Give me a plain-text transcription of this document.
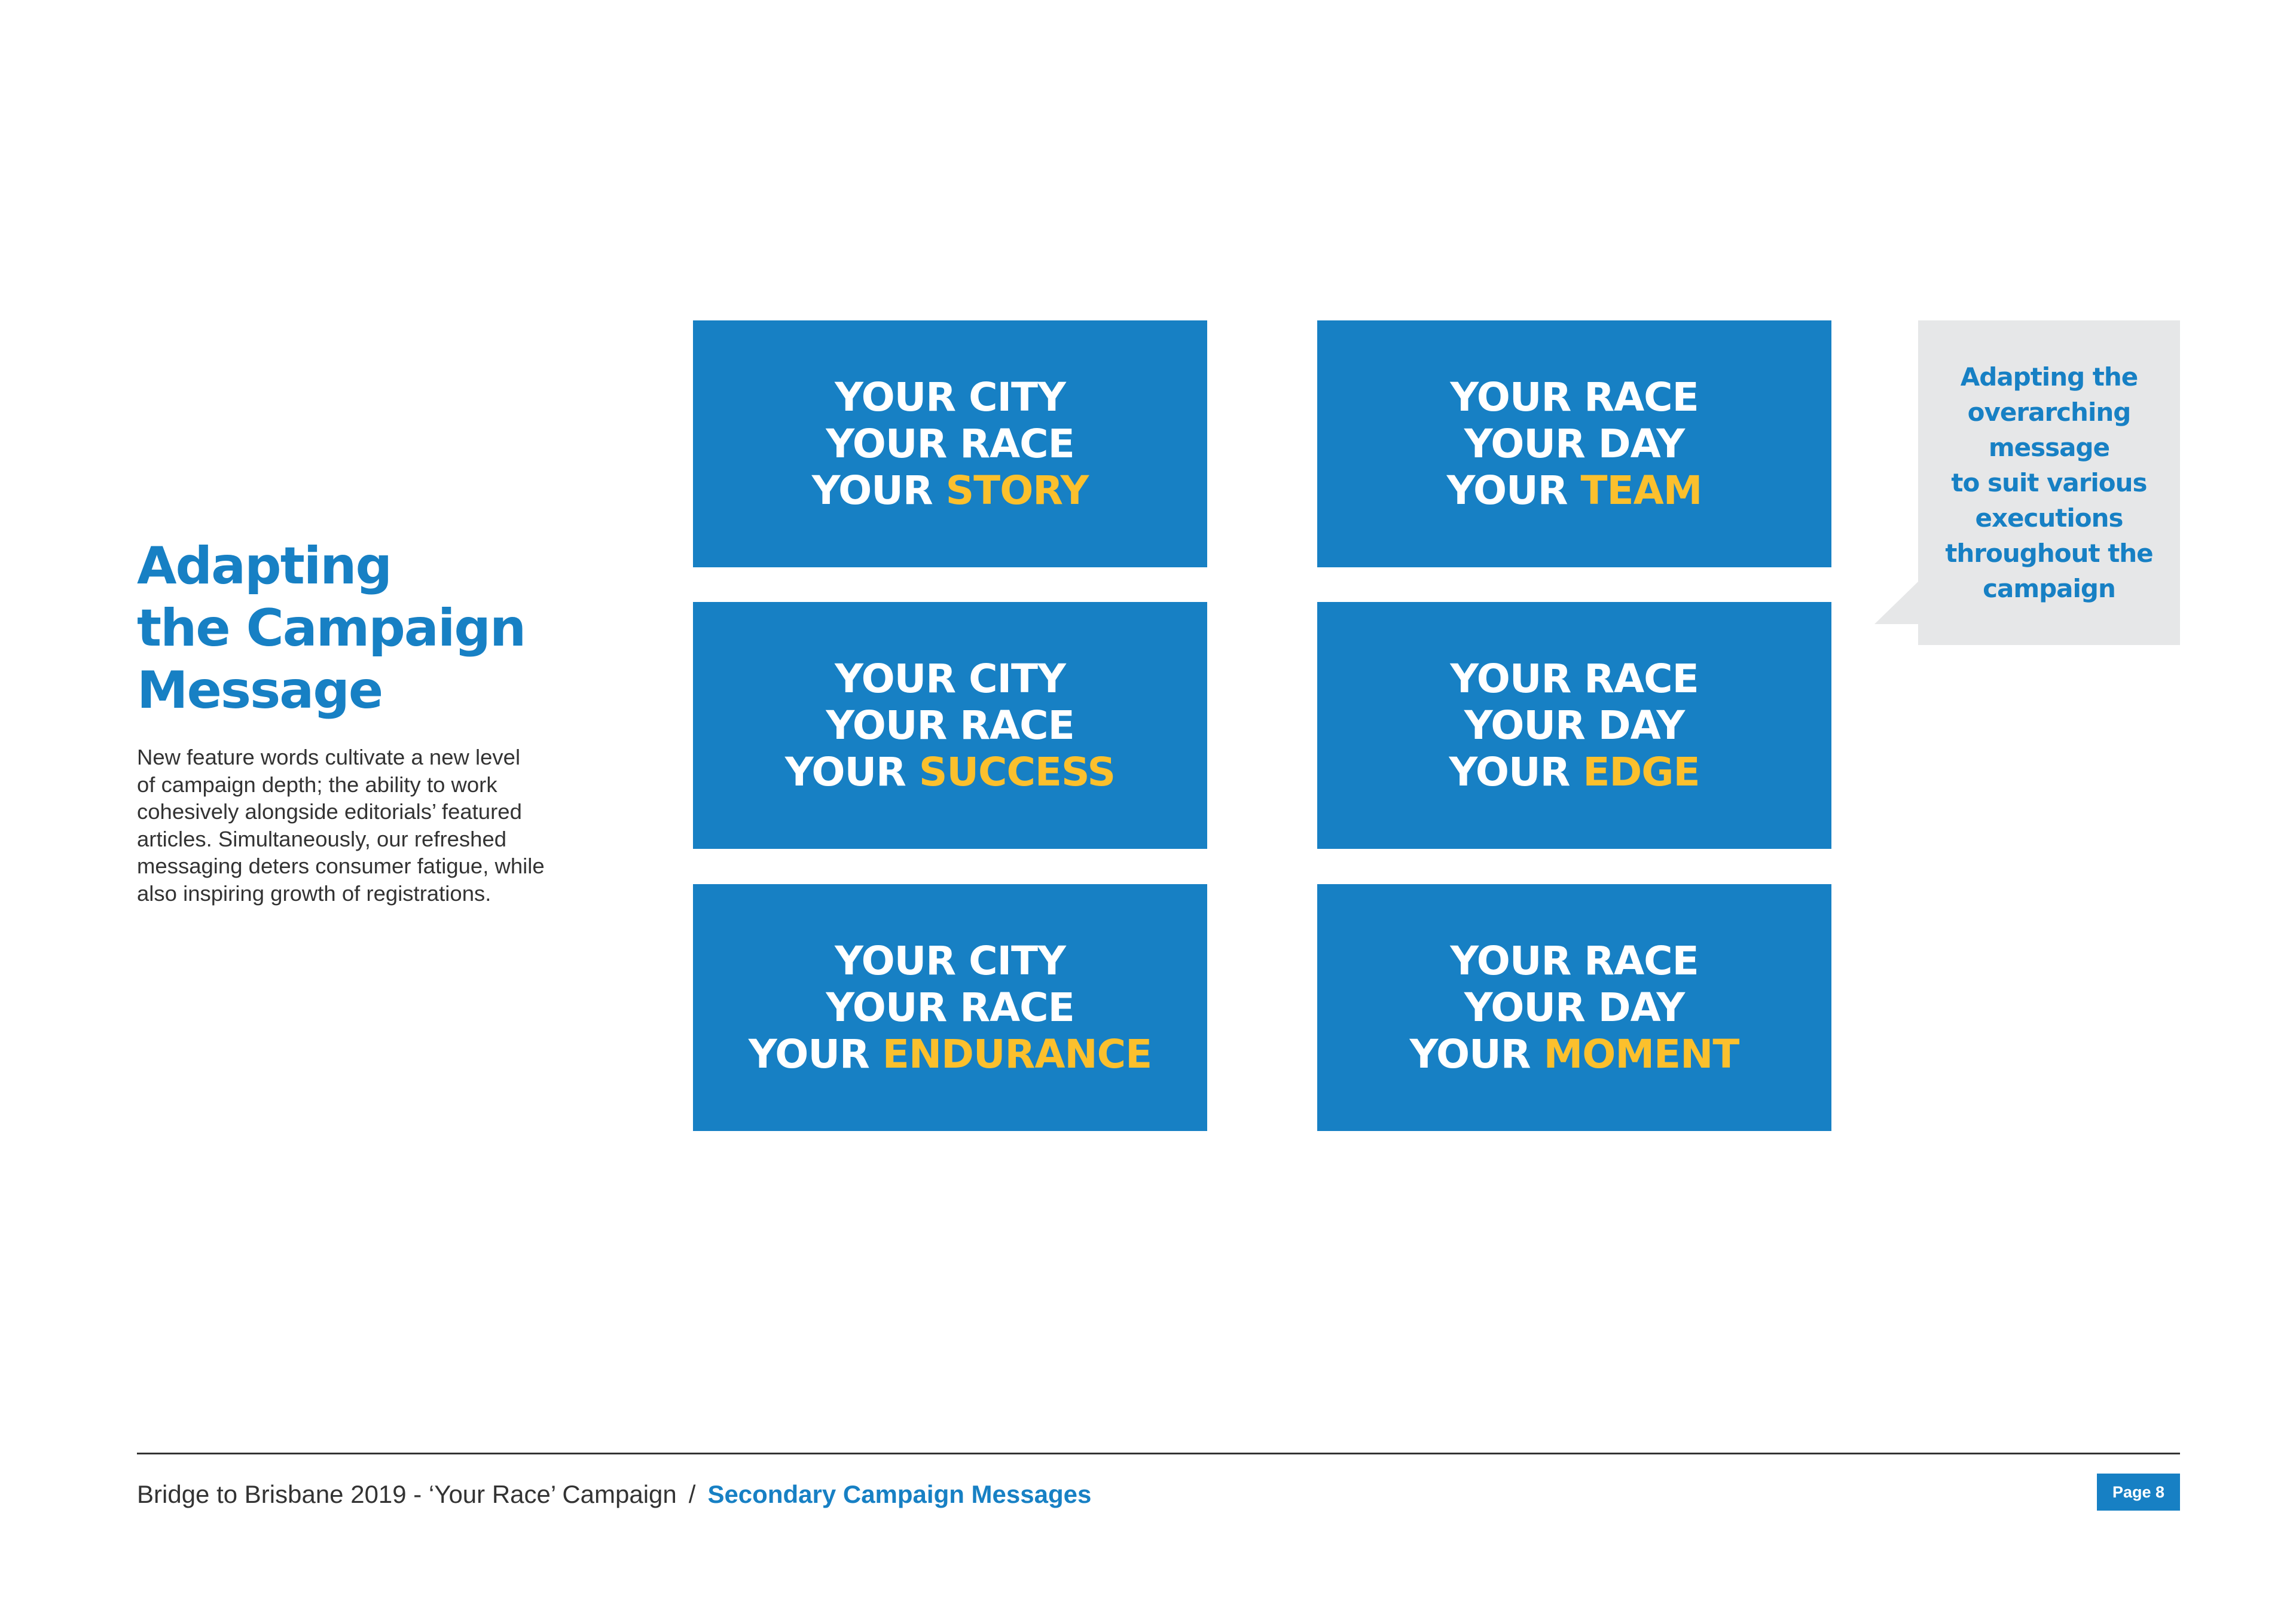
Adapting
the Campaign
Message

New feature words cultivate a new level
of campaign depth; the ability to work
cohesively alongside editorials’ featured
articles. Simultaneously, our refreshed
messaging deters consumer fatigue, while
also inspiring growth of registrations.

YOUR CITY
YOUR RACE
YOUR STORY
YOUR CITY
YOUR RACE
YOUR SUCCESS
YOUR CITY
YOUR RACE
YOUR ENDURANCE
YOUR RACE
YOUR DAY
YOUR TEAM
YOUR RACE
YOUR DAY
YOUR EDGE
YOUR RACE
YOUR DAY
YOUR MOMENT
Adapting the
overarching
message
to suit various
executions
throughout the
campaign
Bridge to Brisbane 2019 - ‘Your Race’ Campaign / Secondary Campaign Messages	Page 8
